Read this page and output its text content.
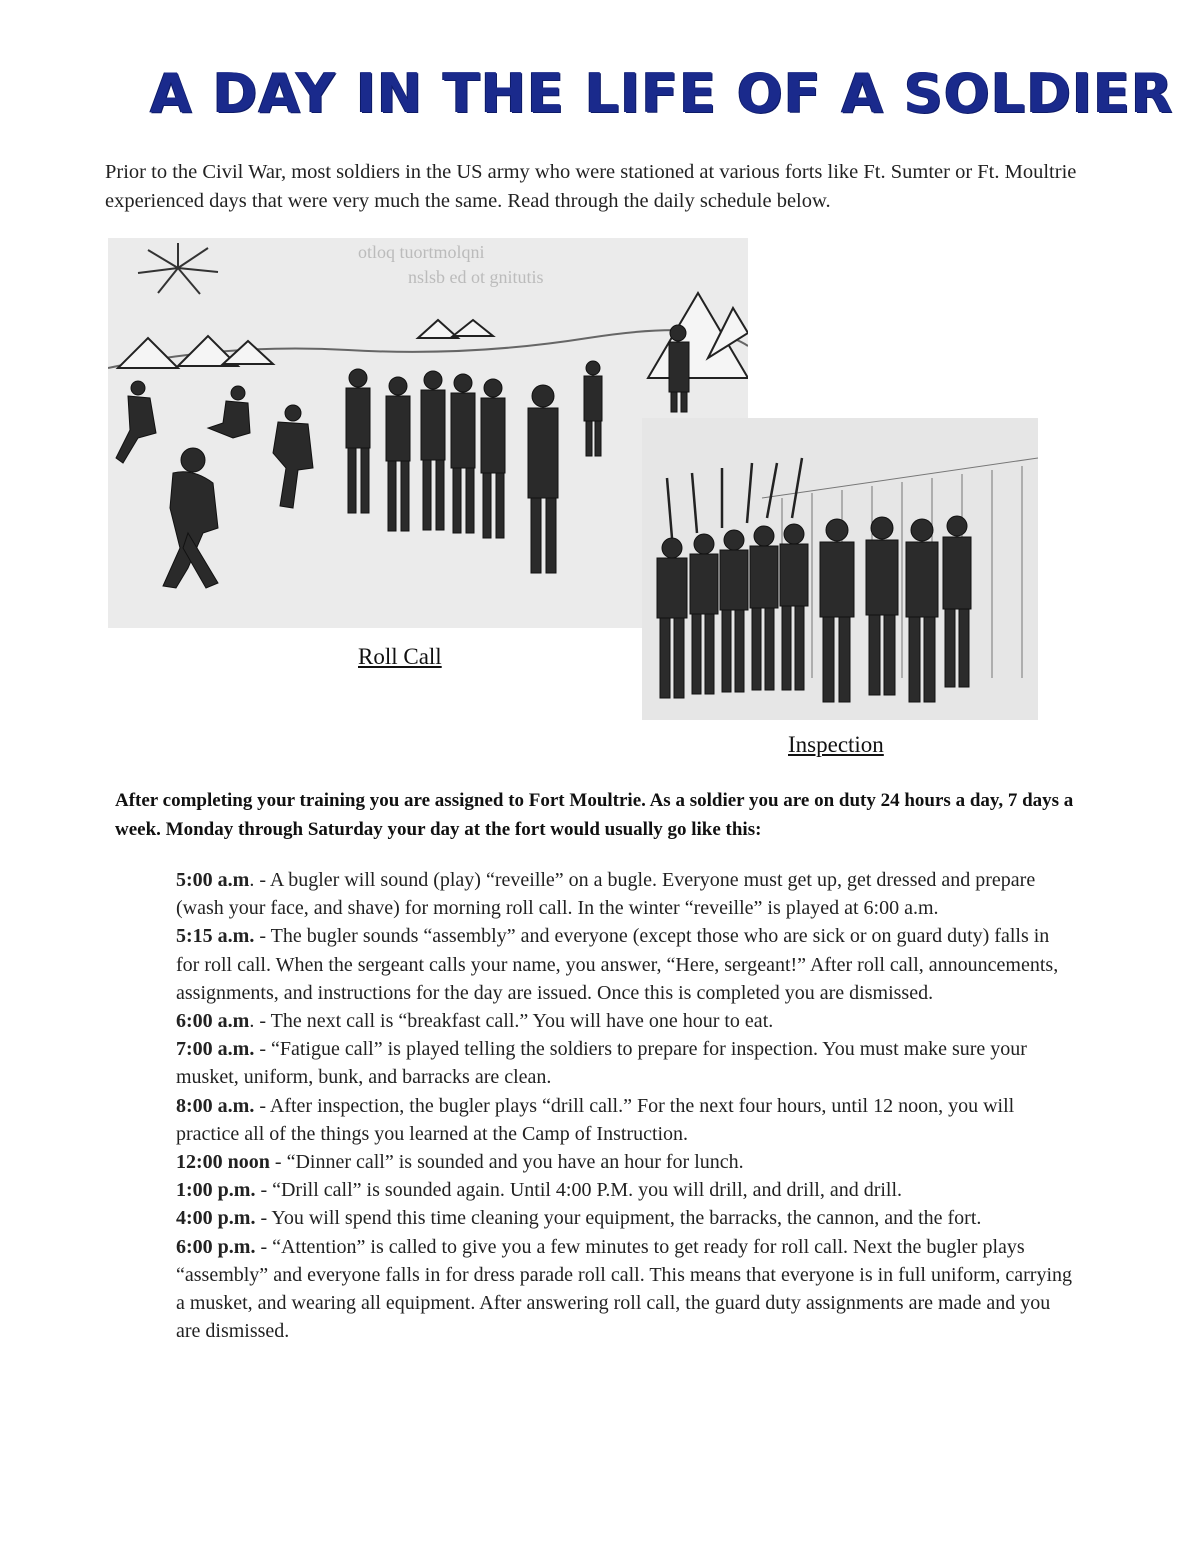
A DAY IN THE LIFE OF A SOLDIER

Prior to the Civil War, most soldiers in the US army who were stationed at various forts like Ft. Sumter or Ft. Moultrie experienced days that were very much the same. Read through the daily schedule below.

otloq tuortmolqni
nslsb ed ot gnitutis
Roll Call
Inspection

After completing your training you are assigned to Fort Moultrie. As a soldier you are on duty 24 hours a day, 7 days a week. Monday through Saturday your day at the fort would usually go like this:

5:00 a.m. - A bugler will sound (play) “reveille” on a bugle. Everyone must get up, get dressed and prepare (wash your face, and shave) for morning roll call. In the winter “reveille” is played at 6:00 a.m.
5:15 a.m. - The bugler sounds “assembly” and everyone (except those who are sick or on guard duty) falls in for roll call. When the sergeant calls your name, you answer, “Here, sergeant!” After roll call, announcements, assignments, and instructions for the day are issued. Once this is completed you are dismissed.
6:00 a.m. - The next call is “breakfast call.” You will have one hour to eat.
7:00 a.m. - “Fatigue call” is played telling the soldiers to prepare for inspection. You must make sure your musket, uniform, bunk, and barracks are clean.
8:00 a.m. - After inspection, the bugler plays “drill call.” For the next four hours, until 12 noon, you will practice all of the things you learned at the Camp of Instruction.
12:00 noon - “Dinner call” is sounded and you have an hour for lunch.
1:00 p.m. - “Drill call” is sounded again. Until 4:00 P.M. you will drill, and drill, and drill.
4:00 p.m. - You will spend this time cleaning your equipment, the barracks, the cannon, and the fort.
6:00 p.m. - “Attention” is called to give you a few minutes to get ready for roll call. Next the bugler plays “assembly” and everyone falls in for dress parade roll call. This means that everyone is in full uniform, carrying a musket, and wearing all equipment. After answering roll call, the guard duty assignments are made and you are dismissed.
